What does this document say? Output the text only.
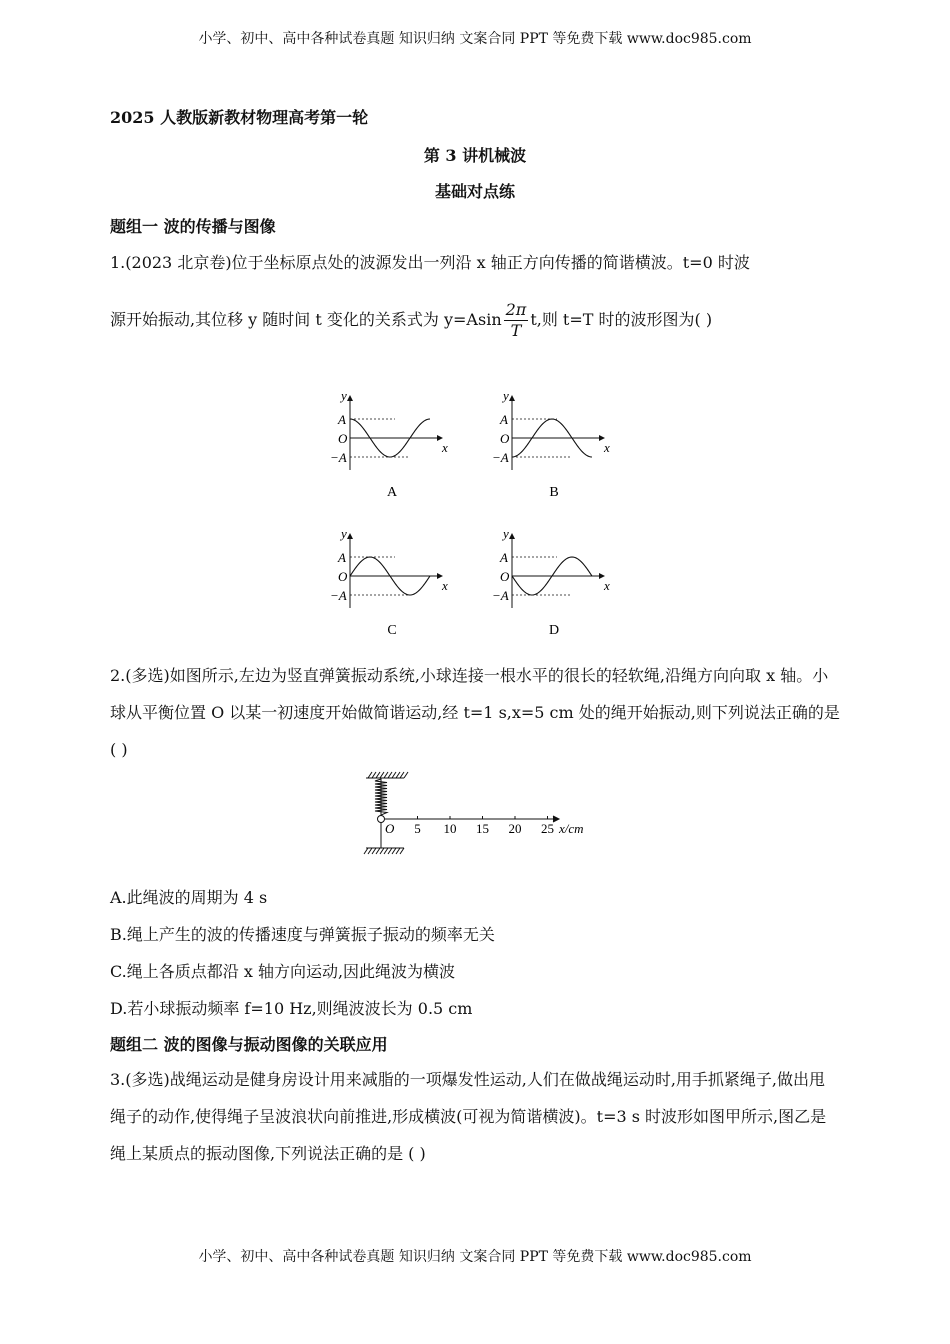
小学、初中、高中各种试卷真题 知识归纳 文案合同 PPT 等免费下载 www.doc985.com
2025 人教版新教材物理高考第一轮
第 3 讲机械波
基础对点练
题组一 波的传播与图像
1.(2023 北京卷)位于坐标原点处的波源发出一列沿 x 轴正方向传播的简谐横波。t=0 时波
源开始振动,其位移 y 随时间 t 变化的关系式为 $y=Asin \frac{2\pi}{T} t$,则 t=T 时的波形图为( )
y
x
A
O
−A
A
y
x
A
O
−A
B
y
x
A
O
−A
C
y
x
A
O
−A
D
2.(多选)如图所示,左边为竖直弹簧振动系统,小球连接一根水平的很长的轻软绳,沿绳方向向取 x 轴。小球从平衡位置 O 以某一初速度开始做简谐运动,经 t=1 s,x=5 cm 处的绳开始振动,则下列说法正确的是( )
O 5 10 15 20 25 x/cm
A.此绳波的周期为 4 s
B.绳上产生的波的传播速度与弹簧振子振动的频率无关
C.绳上各质点都沿 x 轴方向运动,因此绳波为横波
D.若小球振动频率 f=10 Hz,则绳波波长为 0.5 cm
题组二 波的图像与振动图像的关联应用
3.(多选)战绳运动是健身房设计用来减脂的一项爆发性运动,人们在做战绳运动时,用手抓紧绳子,做出甩绳子的动作,使得绳子呈波浪状向前推进,形成横波(可视为简谐横波)。t=3 s 时波形如图甲所示,图乙是绳上某质点的振动图像,下列说法正确的是 ( )
小学、初中、高中各种试卷真题 知识归纳 文案合同 PPT 等免费下载 www.doc985.com
